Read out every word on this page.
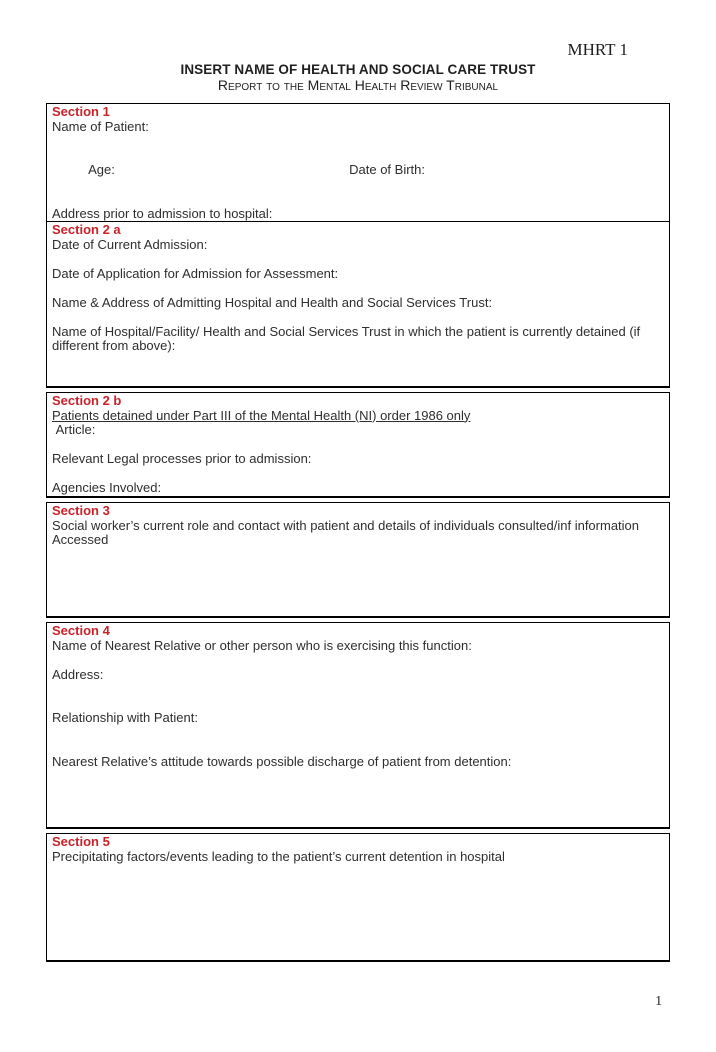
MHRT 1
INSERT NAME OF HEALTH AND SOCIAL CARE TRUST
Report to the Mental Health Review Tribunal
Section 1
Name of Patient:

Age:	Date of Birth:

Address prior to admission to hospital:
Section 2 a
Date of Current Admission:
Date of Application for Admission for Assessment:
Name & Address of Admitting Hospital and Health and Social Services Trust:
Name of Hospital/Facility/ Health and Social Services Trust in which the patient is currently detained (if different from above):
Section 2 b
Patients detained under Part III of the Mental Health (NI) order 1986 only
Article:
Relevant Legal processes prior to admission:
Agencies Involved:
Section 3
Social worker’s current role and contact with patient and details of individuals consulted/inf information Accessed
Section 4
Name of Nearest Relative or other person who is exercising this function:
Address:
Relationship with Patient:
Nearest Relative’s attitude towards possible discharge of patient from detention:
Section 5
Precipitating factors/events leading to the patient’s current detention in hospital
1
